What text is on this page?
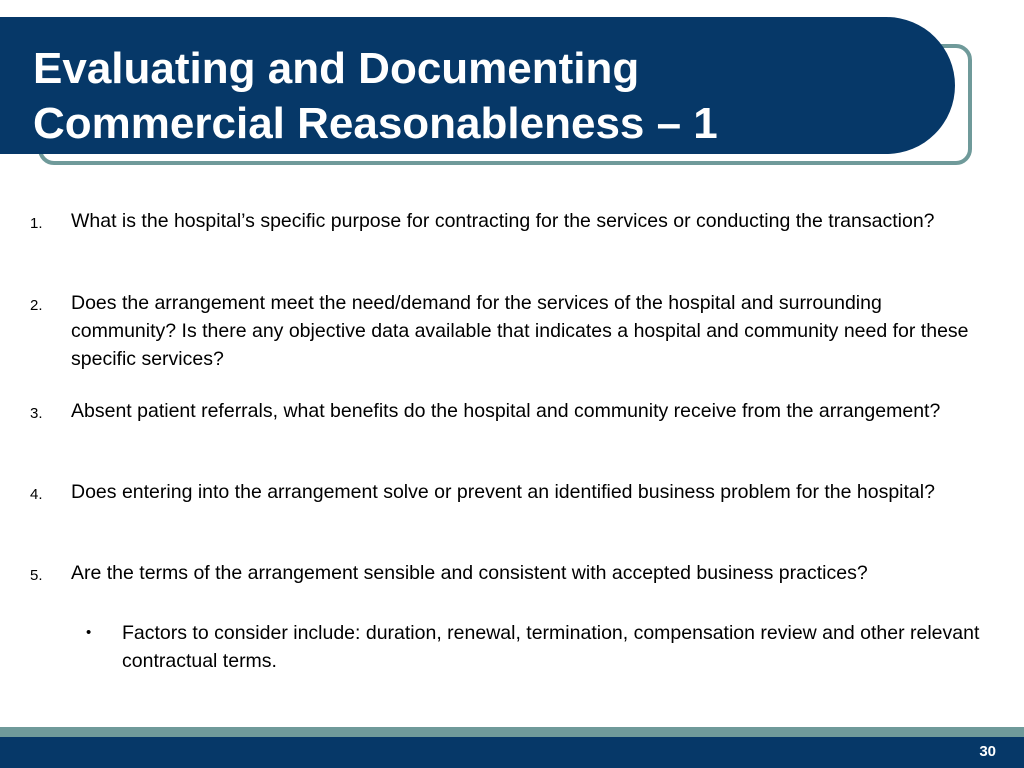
Evaluating and Documenting
Commercial Reasonableness – 1
1. What is the hospital’s specific purpose for contracting for the services or conducting the transaction?
2. Does the arrangement meet the need/demand for the services of the hospital and surrounding community? Is there any objective data available that indicates a hospital and community need for these specific services?
3. Absent patient referrals, what benefits do the hospital and community receive from the arrangement?
4. Does entering into the arrangement solve or prevent an identified business problem for the hospital?
5. Are the terms of the arrangement sensible and consistent with accepted business practices?
• Factors to consider include: duration, renewal, termination, compensation review and other relevant contractual terms.
30
